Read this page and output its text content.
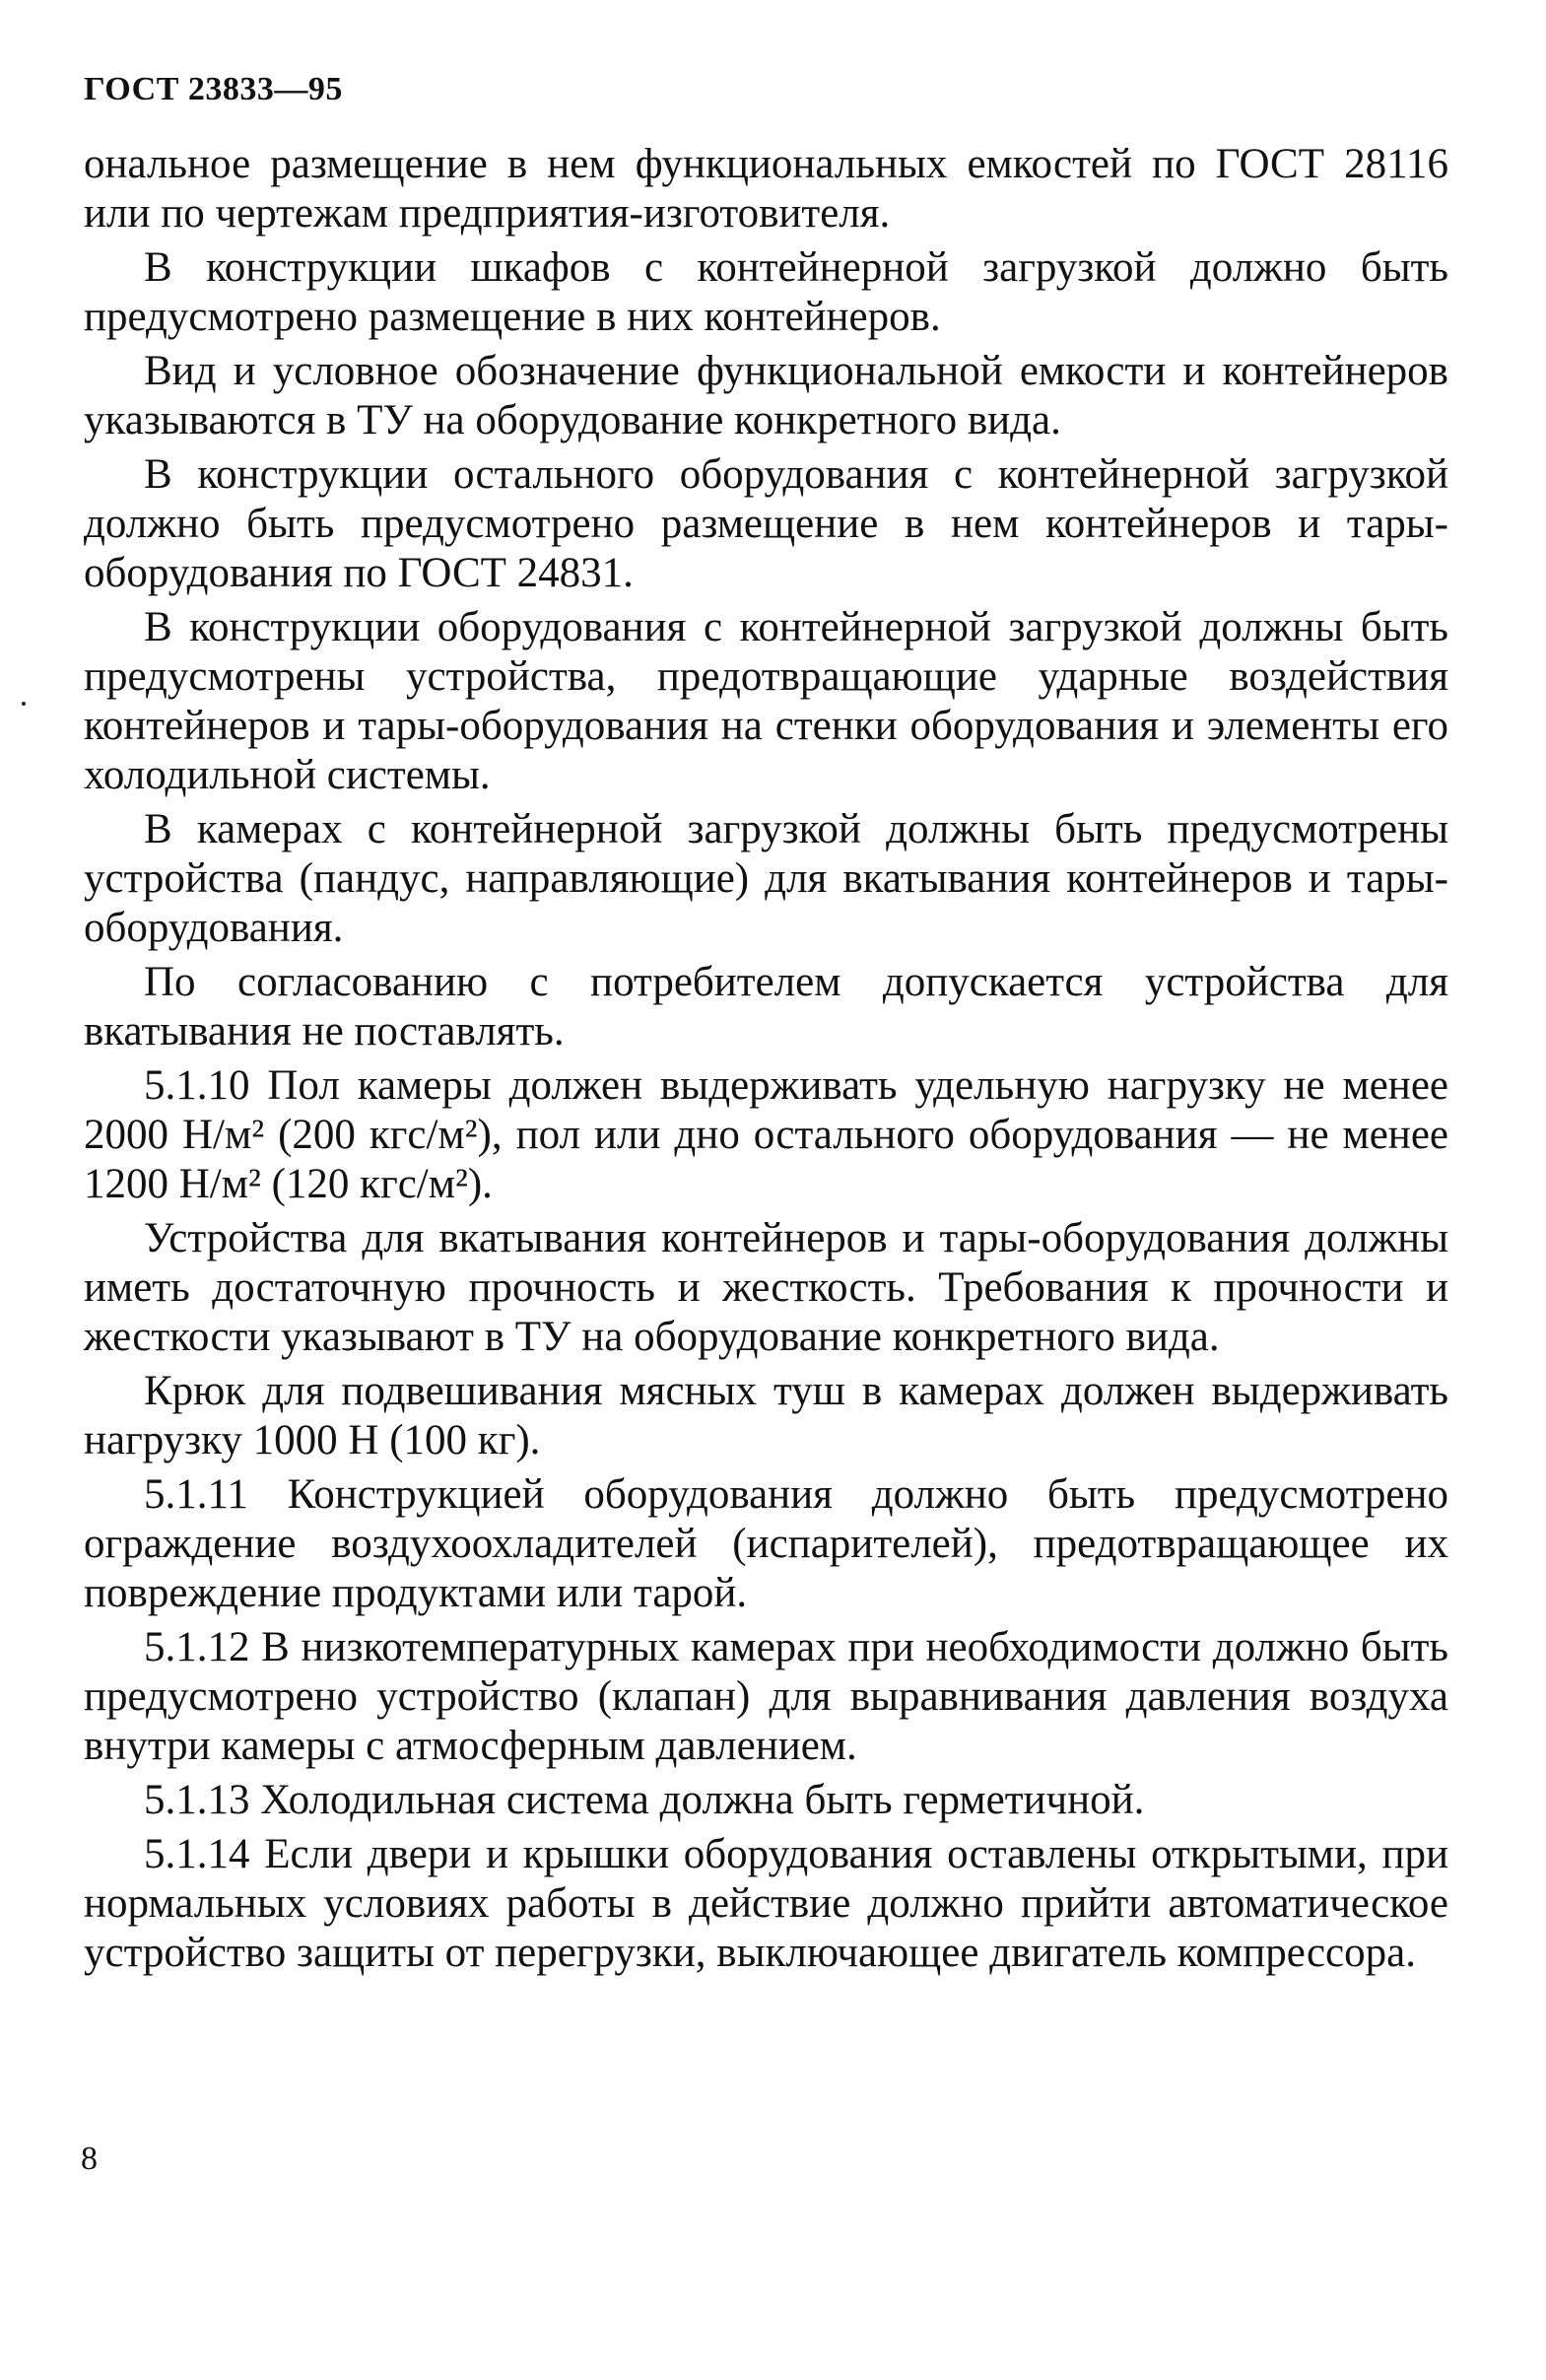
ГОСТ 23833—95

ональное размещение в нем функциональных емкостей по ГОСТ 28116 или по чертежам предприятия-изготовителя.

В конструкции шкафов с контейнерной загрузкой должно быть предусмотрено размещение в них контейнеров.

Вид и условное обозначение функциональной емкости и контейнеров указываются в ТУ на оборудование конкретного вида.

В конструкции остального оборудования с контейнерной загрузкой должно быть предусмотрено размещение в нем контейнеров и тары-оборудования по ГОСТ 24831.

В конструкции оборудования с контейнерной загрузкой должны быть предусмотрены устройства, предотвращающие ударные воздействия контейнеров и тары-оборудования на стенки оборудования и элементы его холодильной системы.

В камерах с контейнерной загрузкой должны быть предусмотрены устройства (пандус, направляющие) для вкатывания контейнеров и тары-оборудования.

По согласованию с потребителем допускается устройства для вкатывания не поставлять.

5.1.10 Пол камеры должен выдерживать удельную нагрузку не менее 2000 Н/м² (200 кгс/м²), пол или дно остального оборудования — не менее 1200 Н/м² (120 кгс/м²).

Устройства для вкатывания контейнеров и тары-оборудования должны иметь достаточную прочность и жесткость. Требования к прочности и жесткости указывают в ТУ на оборудование конкретного вида.

Крюк для подвешивания мясных туш в камерах должен выдерживать нагрузку 1000 Н (100 кг).

5.1.11 Конструкцией оборудования должно быть предусмотрено ограждение воздухоохладителей (испарителей), предотвращающее их повреждение продуктами или тарой.

5.1.12 В низкотемпературных камерах при необходимости должно быть предусмотрено устройство (клапан) для выравнивания давления воздуха внутри камеры с атмосферным давлением.

5.1.13 Холодильная система должна быть герметичной.

5.1.14 Если двери и крышки оборудования оставлены открытыми, при нормальных условиях работы в действие должно прийти автоматическое устройство защиты от перегрузки, выключающее двигатель компрессора.

8
